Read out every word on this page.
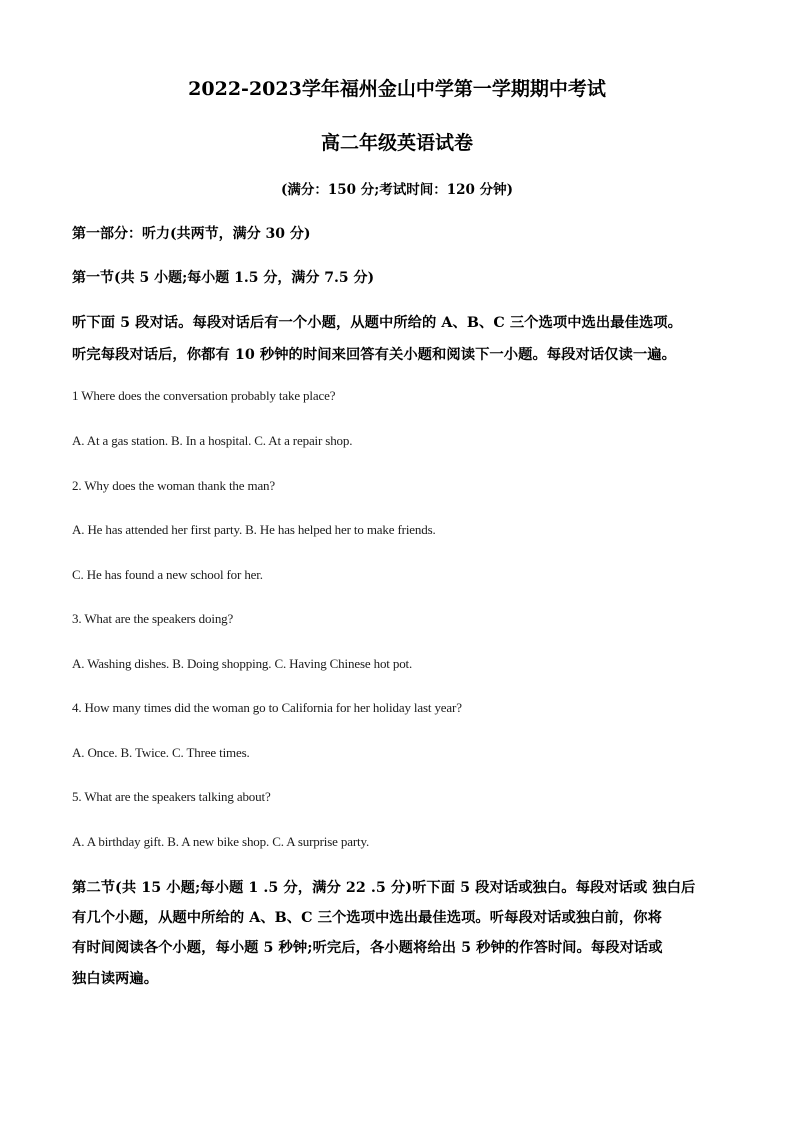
2022-2023学年福州金山中学第一学期期中考试
高二年级英语试卷
(满分：150 分;考试时间：120 分钟)
第一部分：听力(共两节，满分 30 分)
第一节(共 5 小题;每小题 1.5 分，满分 7.5 分)
听下面 5 段对话。每段对话后有一个小题，从题中所给的 A、B、C 三个选项中选出最佳选项。
听完每段对话后，你都有 10 秒钟的时间来回答有关小题和阅读下一小题。每段对话仅读一遍。
1 Where does the conversation probably take place?
A. At a gas station. B. In a hospital. C. At a repair shop.
2. Why does the woman thank the man?
A. He has attended her first party. B. He has helped her to make friends.
C. He has found a new school for her.
3. What are the speakers doing?
A. Washing dishes. B. Doing shopping. C. Having Chinese hot pot.
4. How many times did the woman go to California for her holiday last year?
A. Once. B. Twice. C. Three times.
5. What are the speakers talking about?
A. A birthday gift. B. A new bike shop. C. A surprise party.
第二节(共 15 小题;每小题 1 .5 分，满分 22 .5 分)听下面 5 段对话或独白。每段对话或 独白后
有几个小题，从题中所给的 A、B、C 三个选项中选出最佳选项。听每段对话或独白前，你将
有时间阅读各个小题，每小题 5 秒钟;听完后，各小题将给出 5 秒钟的作答时间。每段对话或
独白读两遍。
